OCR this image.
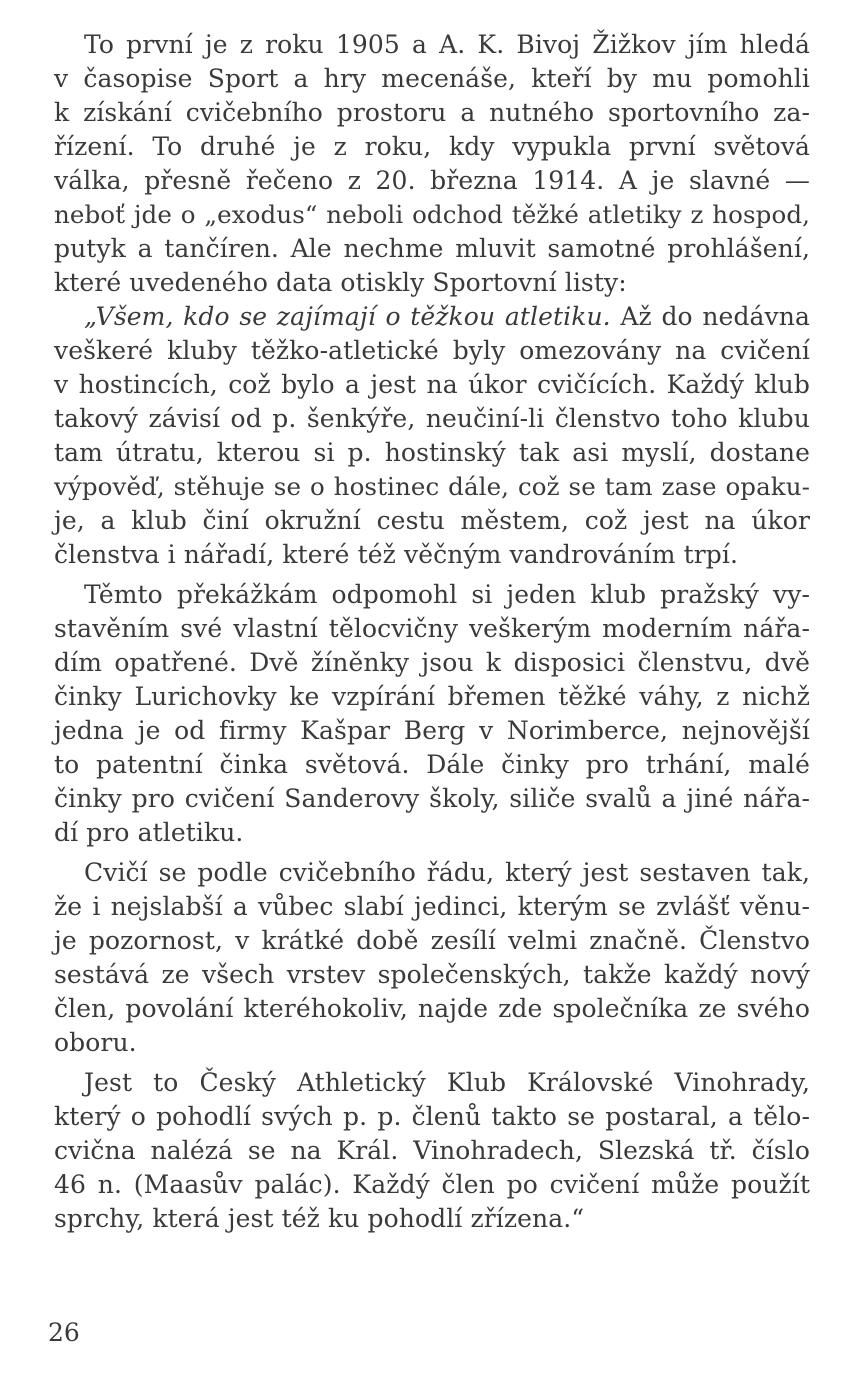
To první je z roku 1905 a A. K. Bivoj Žižkov jím hledá
v časopise Sport a hry mecenáše, kteří by mu pomohli
k získání cvičebního prostoru a nutného sportovního za-
řízení. To druhé je z roku, kdy vypukla první světová
válka, přesně řečeno z 20. března 1914. A je slavné —
neboť jde o „exodus“ neboli odchod těžké atletiky z hospod,
putyk a tančíren. Ale nechme mluvit samotné prohlášení,
které uvedeného data otiskly Sportovní listy:
„Všem, kdo se zajímají o těžkou atletiku. Až do nedávna
veškeré kluby těžko-atletické byly omezovány na cvičení
v hostincích, což bylo a jest na úkor cvičících. Každý klub
takový závisí od p. šenkýře, neučiní-li členstvo toho klubu
tam útratu, kterou si p. hostinský tak asi myslí, dostane
výpověď, stěhuje se o hostinec dále, což se tam zase opaku-
je, a klub činí okružní cestu městem, což jest na úkor
členstva i nářadí, které též věčným vandrováním trpí.
Těmto překážkám odpomohl si jeden klub pražský vy-
stavěním své vlastní tělocvičny veškerým moderním nářa-
dím opatřené. Dvě žíněnky jsou k disposici členstvu, dvě
činky Lurichovky ke vzpírání břemen těžké váhy, z nichž
jedna je od firmy Kašpar Berg v Norimberce, nejnovější
to patentní činka světová. Dále činky pro trhání, malé
činky pro cvičení Sanderovy školy, siliče svalů a jiné nářa-
dí pro atletiku.
Cvičí se podle cvičebního řádu, který jest sestaven tak,
že i nejslabší a vůbec slabí jedinci, kterým se zvlášť věnu-
je pozornost, v krátké době zesílí velmi značně. Členstvo
sestává ze všech vrstev společenských, takže každý nový
člen, povolání kteréhokoliv, najde zde společníka ze svého
oboru.
Jest to Český Athletický Klub Královské Vinohrady,
který o pohodlí svých p. p. členů takto se postaral, a tělo-
cvična nalézá se na Král. Vinohradech, Slezská tř. číslo
46 n. (Maasův palác). Každý člen po cvičení může použít
sprchy, která jest též ku pohodlí zřízena.“
26
